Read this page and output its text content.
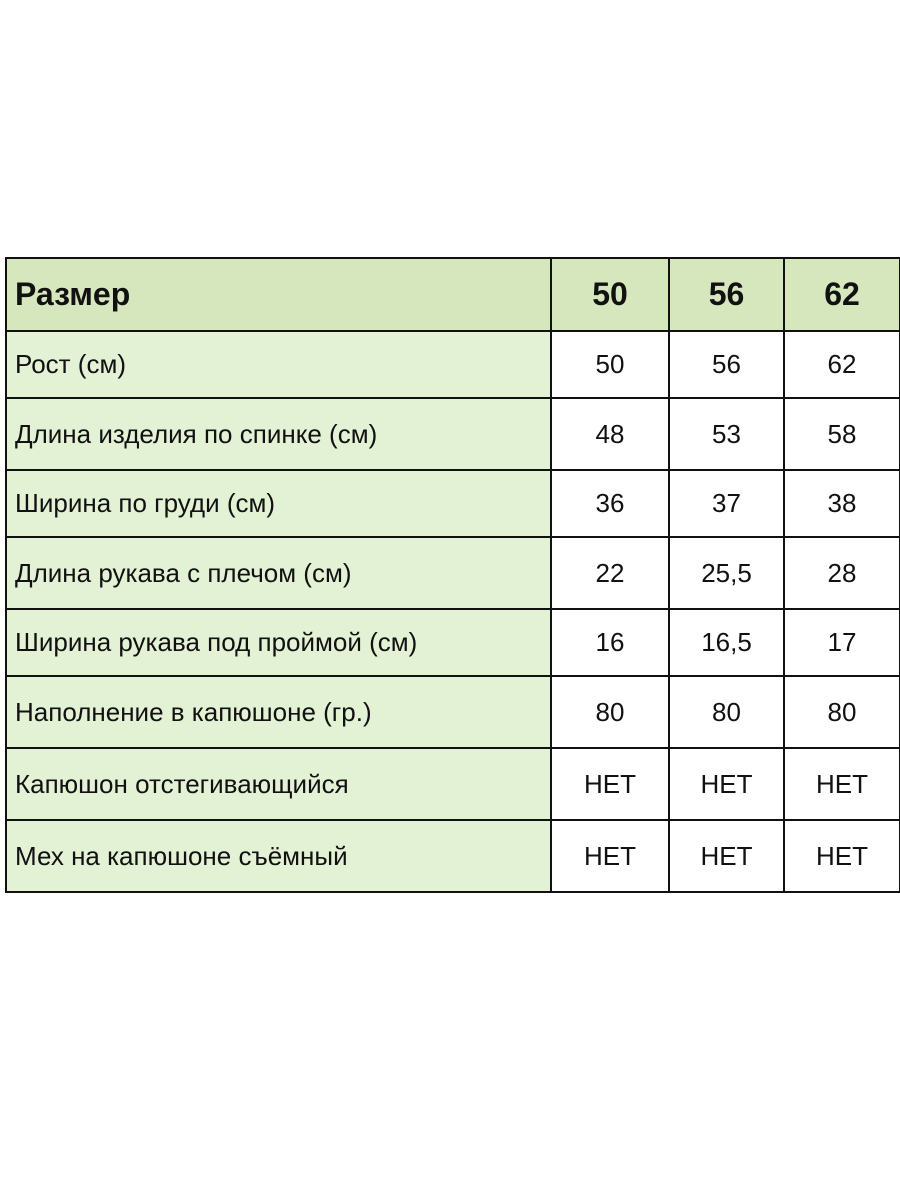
Размер	50	56	62
Рост (см)	50	56	62
Длина изделия по спинке (см)	48	53	58
Ширина по груди (см)	36	37	38
Длина рукава с плечом (см)	22	25,5	28
Ширина рукава под проймой (см)	16	16,5	17
Наполнение в капюшоне (гр.)	80	80	80
Капюшон отстегивающийся	НЕТ	НЕТ	НЕТ
Мех на капюшоне съёмный	НЕТ	НЕТ	НЕТ
